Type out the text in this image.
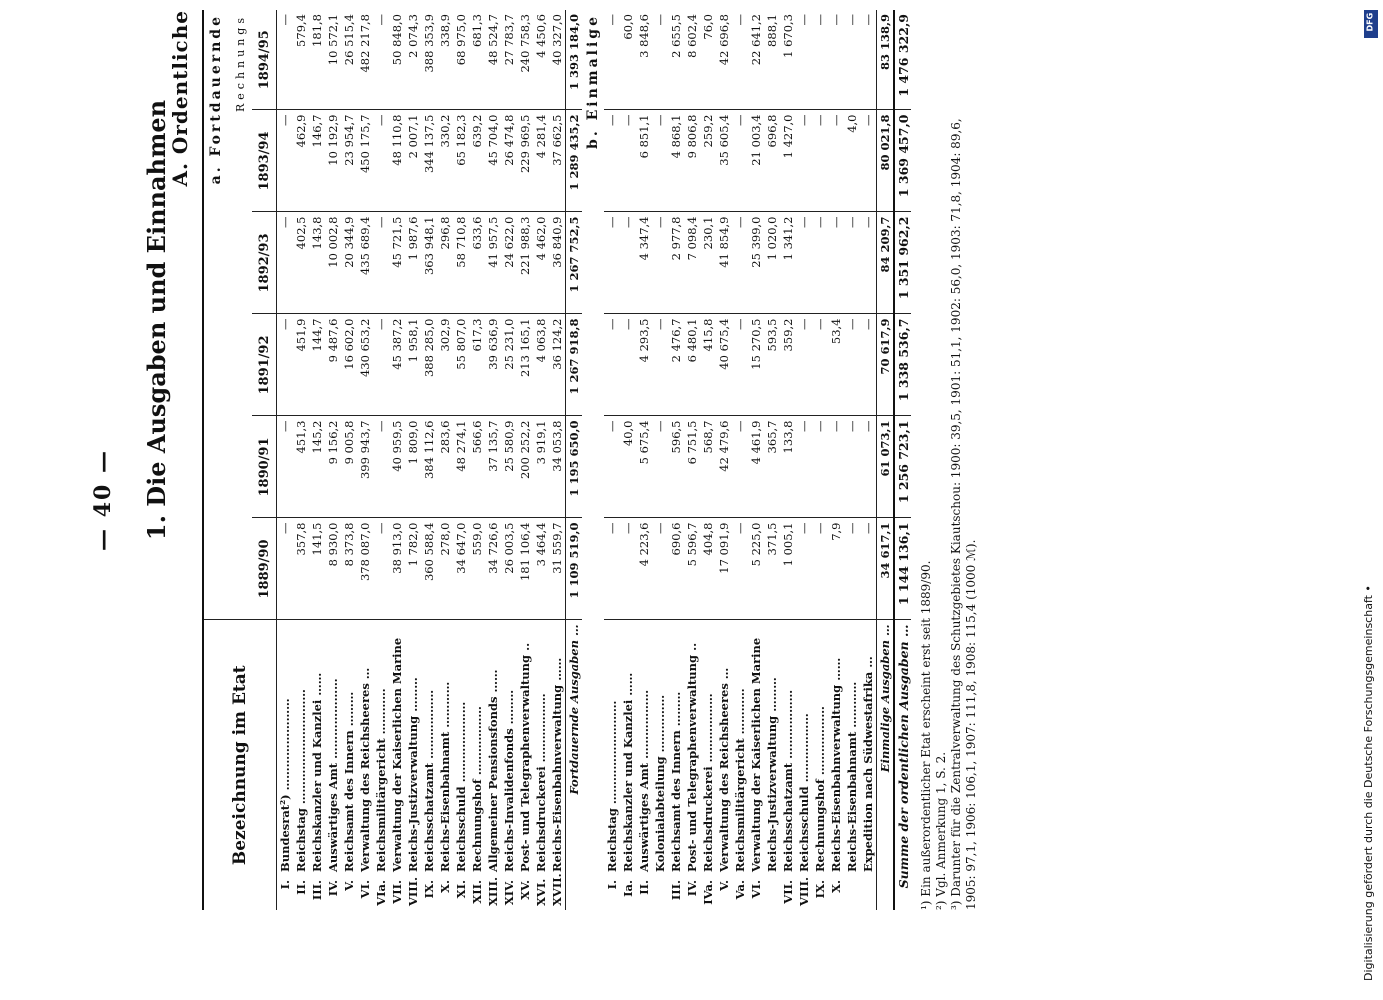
— 40 — 1. Die Ausgaben und Einnahmen
A. Ordentliche
Bezeichnung im Etat		a. Fortdauernde					
		Rechnungs					
		1889/90	1890/91	1891/92	1892/93	1893/94	1894/95
I.	Bundesrat²) ……………………	—	—	—	—	—	—
II.	Reichstag …………………………	357,8	451,3	451,9	402,5	462,9	579,4
III.	Reichskanzler und Kanzlei ……	141,5	145,2	144,7	143,8	146,7	181,8
IV.	Auswärtiges Amt …………………	8 930,0	9 156,2	9 487,6	10 002,8	10 192,9	10 572,1
V.	Reichsamt des Innern ………	8 373,8	9 005,8	16 602,0	20 344,9	23 954,7	26 515,4
VI.	Verwaltung des Reichsheeres …	378 087,0	399 943,7	430 653,2	435 689,4	450 175,7	482 217,8
VIa.	Reichsmilitärgericht …………	—	—	—	—	—	—
VII.	Verwaltung der Kaiserlichen Marine	38 913,0	40 959,5	45 387,2	45 721,5	48 110,8	50 848,0
VIII.	Reichs-Justizverwaltung ………	1 782,0	1 809,0	1 958,1	1 987,6	2 007,1	2 074,3
IX.	Reichsschatzamt ………………	360 588,4	384 112,6	388 285,0	363 948,1	344 137,5	388 353,9
X.	Reichs-Eisenbahnamt …………	278,0	283,6	302,9	296,8	330,2	338,9
XI.	Reichsschuld …………………	34 647,0	48 274,1	55 807,0	58 710,8	65 182,3	68 975,0
XII.	Rechnungshof ………………	559,0	566,6	617,3	633,6	639,2	681,3
XIII.	Allgemeiner Pensionsfonds ……	34 726,6	37 135,7	39 636,9	41 957,5	45 704,0	48 524,7
XIV.	Reichs-Invalidenfonds ………	26 003,5	25 580,9	25 231,0	24 622,0	26 474,8	27 783,7
XV.	Post- und Telegraphenverwaltung ..	181 106,4	200 252,2	213 165,1	221 988,3	229 969,5	240 758,3
XVI.	Reichsdruckerei ………………	3 464,4	3 919,1	4 063,8	4 462,0	4 281,4	4 450,6
XVII.	Reichs-Eisenbahnverwaltung ……	31 559,7	34 053,8	36 124,2	36 840,9	37 662,5	40 327,0
Fortdauernde Ausgaben …		1 109 519,0	1 195 650,0	1 267 918,8	1 267 752,5	1 289 435,2	1 393 184,0
		b. Einmalige					
I.	Reichstag ………………………	—	—	—	—	—	—
Ia.	Reichskanzler und Kanzlei ……	—	40,0	—	—	—	60,0
II.	Auswärtiges Amt ………………	4 223,6	5 675,4	4 293,5	4 347,4	6 851,1	3 848,6
	Kolonialabteilung ……………	—	—	—	—	—	—
III.	Reichsamt des Innern ………	690,6	596,5	2 476,7	2 977,8	4 868,1	2 655,5
IV.	Post- und Telegraphenverwaltung ..	5 596,7	6 751,5	6 480,1	7 098,4	9 806,8	8 602,4
IVa.	Reichsdruckerei ………………	404,8	568,7	415,8	230,1	259,2	76,0
V.	Verwaltung des Reichsheeres …	17 091,9	42 479,6	40 675,4	41 854,9	35 605,4	42 696,8
Va.	Reichsmilitärgericht …………	—	—	—	—	—	—
VI.	Verwaltung der Kaiserlichen Marine	5 225,0	4 461,9	15 270,5	25 399,0	21 003,4	22 641,2
	Reichs-Justizverwaltung ………	371,5	365,7	593,5	1 020,0	696,8	888,1
VII.	Reichsschatzamt ………………	1 005,1	133,8	359,2	1 341,2	1 427,0	1 670,3
VIII.	Reichsschuld ………………	—	—	—	—	—	—
IX.	Rechnungshof ………………	—	—	—	—	—	—
X.	Reichs-Eisenbahnverwaltung ……	7,9	—	53,4	—	—	—
	Reichs-Eisenbahnamt …………	—	—	—	—	4,0	—
	Expedition nach Südwestafrika …	—	—	—	—	—	—
Einmalige Ausgaben …		34 617,1	61 073,1	70 617,9	84 209,7	80 021,8	83 138,9
Summe der ordentlichen Ausgaben …		1 144 136,1	1 256 723,1	1 338 536,7	1 351 962,2	1 369 457,0	1 476 322,9
¹) Ein außerordentlicher Etat erscheint erst seit 1889/90. ²) Vgl. Anmerkung 1, S. 2. ³) Darunter für die Zentralverwaltung des Schutzgebietes Kiautschou: 1900: 39,5, 1901: 51,1, 1902: 56,0, 1903: 71,8, 1904: 89,6, 1905: 97,1, 1906: 106,1, 1907: 111,8, 1908: 115,4 (1000 ℳ).	Digitalisierung gefördert durch die Deutsche Forschungsgemeinschaft •
DFG
